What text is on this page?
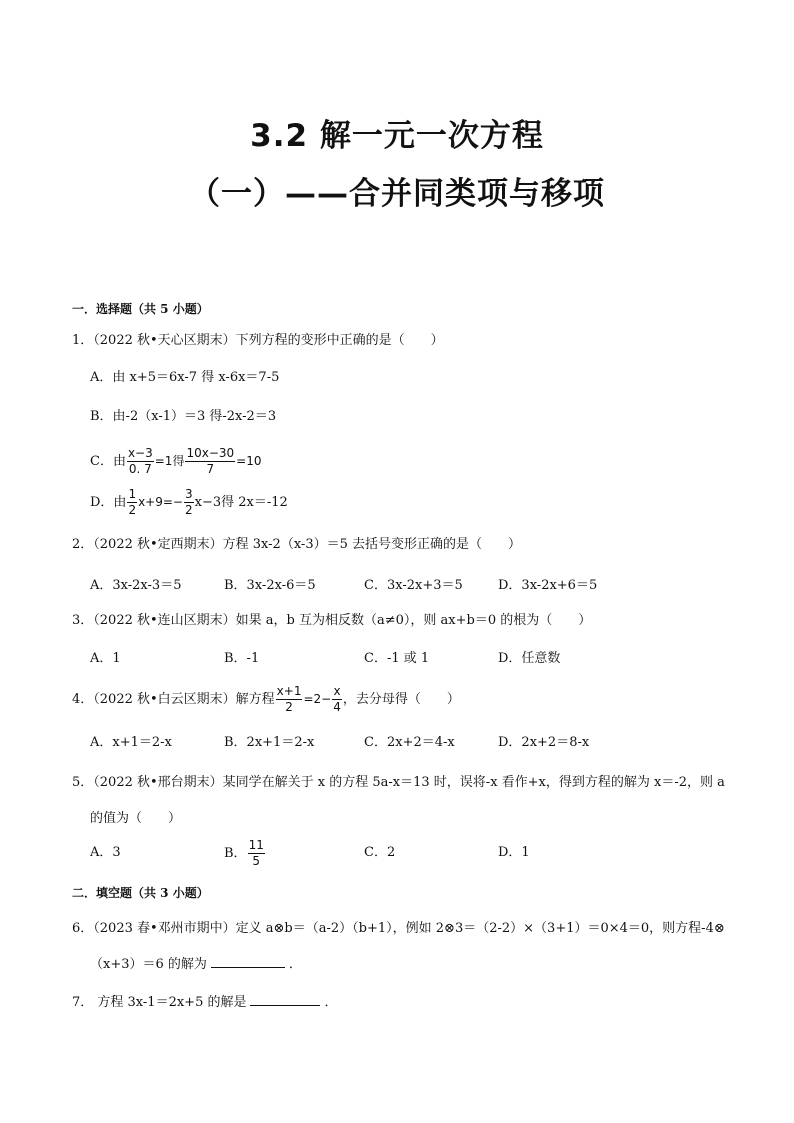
3.2 解一元一次方程
（一）——合并同类项与移项
一．选择题（共 5 小题）
1．（2022 秋•天心区期末）下列方程的变形中正确的是（　　）
A．由 x+5＝6x-7 得 x-6x＝7-5
B．由-2（x-1）＝3 得-2x-2＝3
C．由 $\frac{x-3}{0. 7} =1$得 $\frac{10x-30}{7} =10$
D．由 $\frac{1}{2} x+9=- \frac{3}{2} x-3$得 2x＝-12
2．（2022 秋•定西期末）方程 3x-2（x-3）＝5 去括号变形正确的是（　　）
A．3x-2x-3＝5	B．3x-2x-6＝5	C．3x-2x+3＝5	D．3x-2x+6＝5
3．（2022 秋•连山区期末）如果 a，b 互为相反数（a≠0），则 ax+b＝0 的根为（　　）
A．1	B．-1	C．-1 或 1	D．任意数
4．（2022 秋•白云区期末）解方程 $\frac{x+1}{2} =2- \frac{x}{4}$ ，去分母得（　　）
A．x+1＝2-x	B．2x+1＝2-x	C．2x+2＝4-x	D．2x+2＝8-x
5．（2022 秋•邢台期末）某同学在解关于 x 的方程 5a-x＝13 时，误将-x 看作+x，得到方程的解为 x＝-2，则 a
的值为（　　）
A．3	B． $\frac{11}{5}$	C．2	D．1
二．填空题（共 3 小题）
6．（2023 春•邓州市期中）定义 a⊗b＝（a-2）（b+1），例如 2⊗3＝（2-2）×（3+1）＝0×4＝0，则方程-4⊗
（x+3）＝6 的解为	．
7． 方程 3x-1＝2x+5 的解是	．
